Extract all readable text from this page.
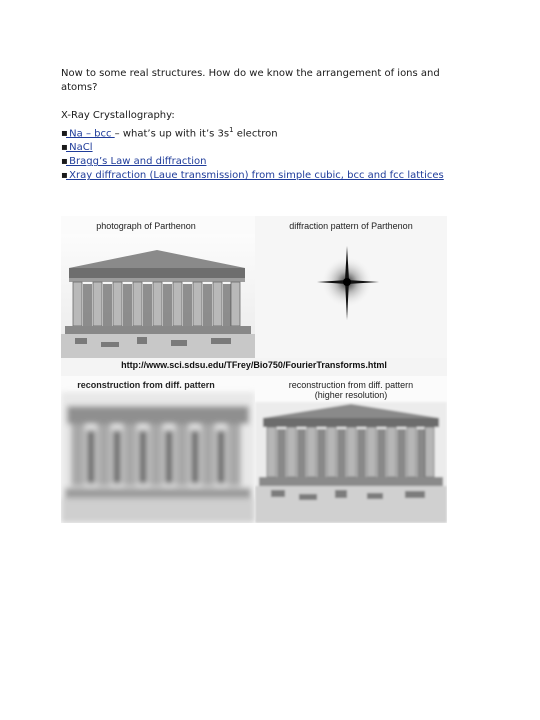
Now to some real structures. How do we know the arrangement of ions and

atoms?

X-Ray Crystallography:

▪ Na – bcc – what’s up with it’s $3s^1$ electron

▪ NaCl

▪ Bragg’s Law and diffraction

▪ Xray diffraction (Laue transmission) from simple cubic, bcc and fcc lattices

photograph of Parthenon	diffraction pattern of Parthenon
http://www.sci.sdsu.edu/TFrey/Bio750/FourierTransforms.html
reconstruction from diff. pattern	reconstruction from diff. pattern
(higher resolution)
